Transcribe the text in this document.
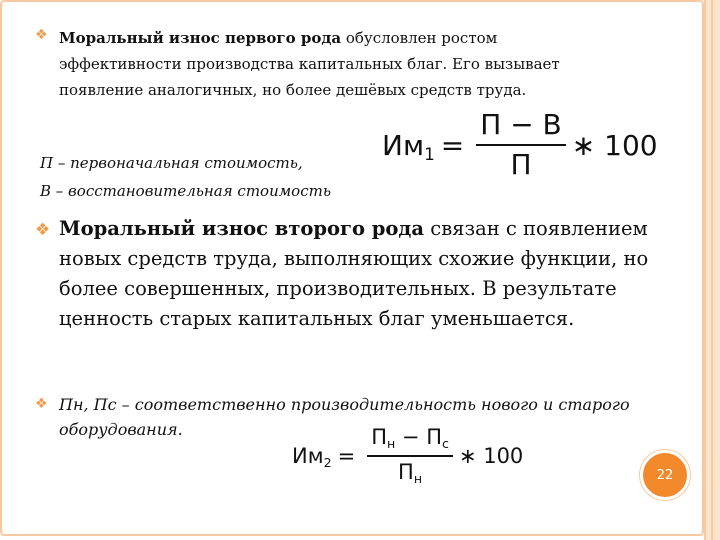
❖ Моральный износ первого рода обусловлен ростом эффективности производства капитальных благ. Его вызывает появление аналогичных, но более дешёвых средств труда.

$Им_1 = \frac{П - В}{П}$ ∗ 100
П – первоначальная стоимость,
В – восстановительная стоимость
❖ Моральный износ второго рода связан с появлением новых средств труда, выполняющих схожие функции, но более совершенных, производительных. В результате ценность старых капитальных благ уменьшается.

❖ Пн, Пс – соответственно производительность нового и старого оборудования.

$Им_2 = \frac{П_н - П_с}{П_н}$ ∗ 100
22
